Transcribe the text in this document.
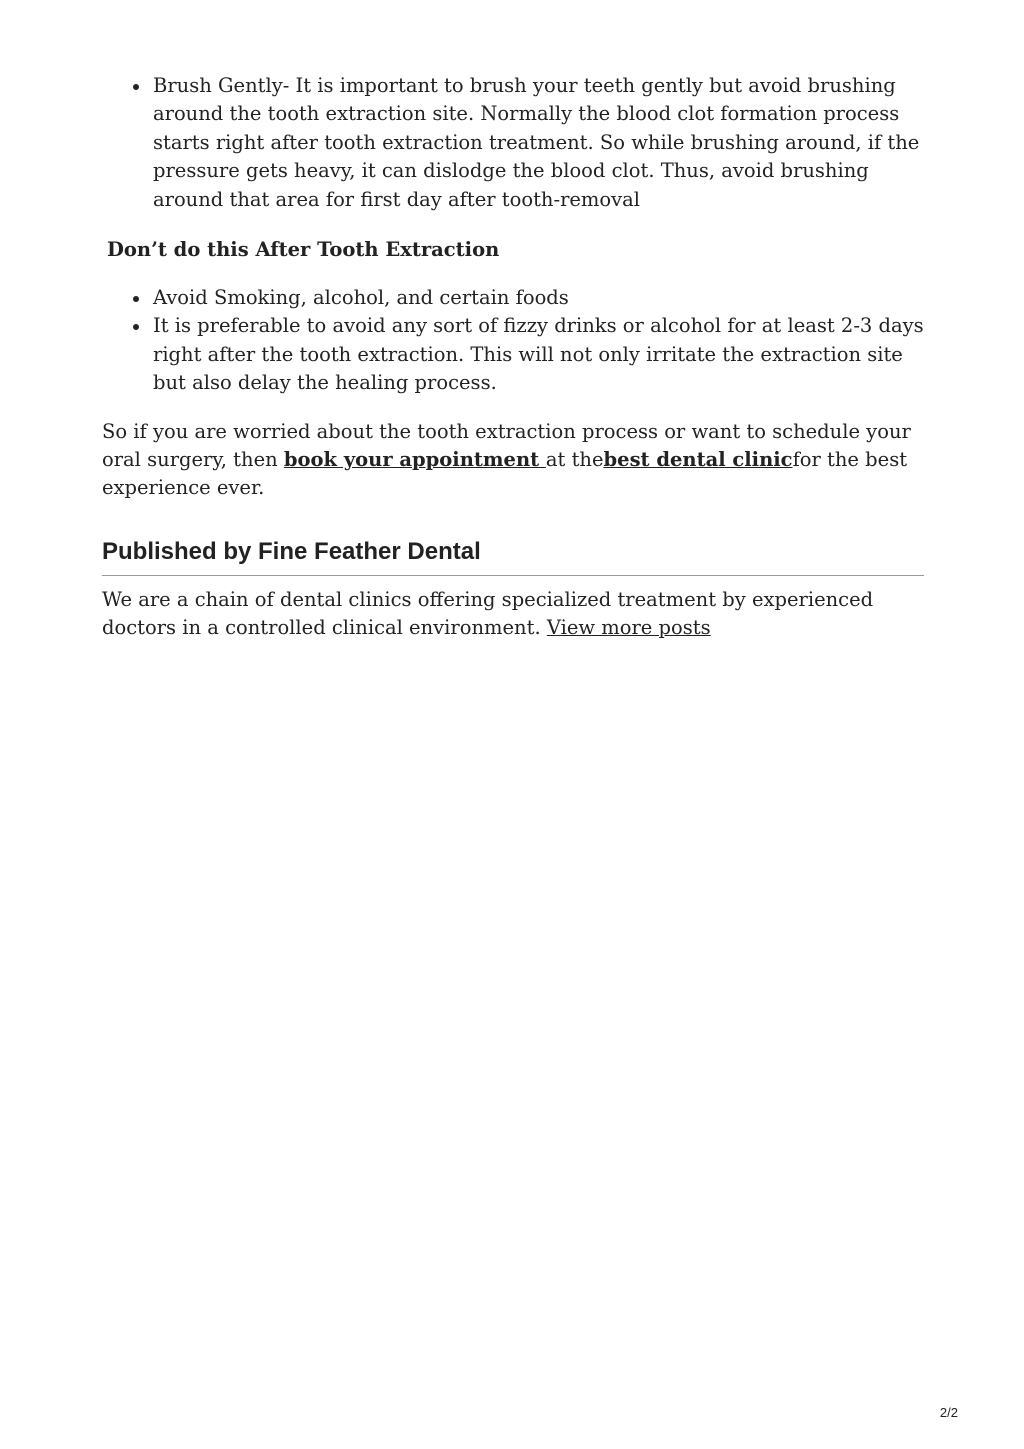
Brush Gently- It is important to brush your teeth gently but avoid brushing around the tooth extraction site. Normally the blood clot formation process starts right after tooth extraction treatment. So while brushing around, if the pressure gets heavy, it can dislodge the blood clot. Thus, avoid brushing around that area for first day after tooth-removal

Don’t do this After Tooth Extraction

Avoid Smoking, alcohol, and certain foods
It is preferable to avoid any sort of fizzy drinks or alcohol for at least 2-3 days right after the tooth extraction. This will not only irritate the extraction site but also delay the healing process.

So if you are worried about the tooth extraction process or want to schedule your oral surgery, then book your appointment at thebest dental clinicfor the best experience ever.

Published by Fine Feather Dental

We are a chain of dental clinics offering specialized treatment by experienced doctors in a controlled clinical environment. View more posts

2/2
